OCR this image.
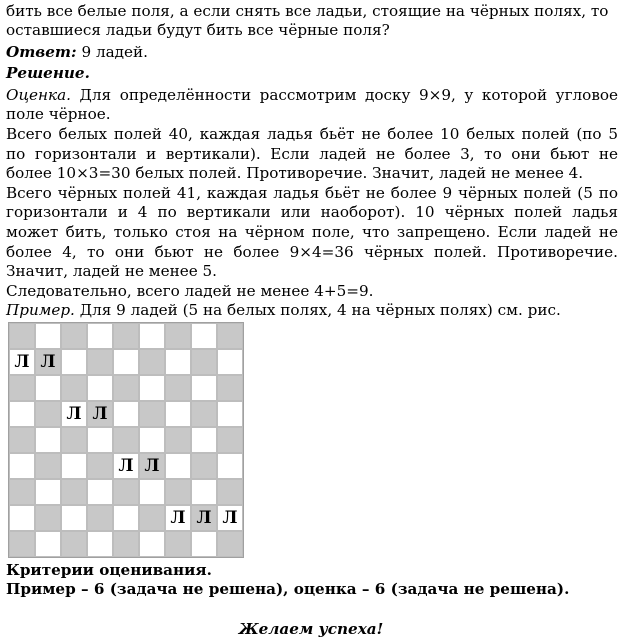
бить все белые поля, а если снять все ладьи, стоящие на чёрных полях, то
оставшиеся ладьи будут бить все чёрные поля?
Ответ: 9 ладей.
Решение.
Оценка. Для определённости рассмотрим доску 9×9, у которой угловое
поле чёрное.
Всего белых полей 40, каждая ладья бьёт не более 10 белых полей (по 5
по горизонтали и вертикали). Если ладей не более 3, то они бьют не
более 10×3=30 белых полей. Противоречие. Значит, ладей не менее 4.
Всего чёрных полей 41, каждая ладья бьёт не более 9 чёрных полей (5 по
горизонтали и 4 по вертикали или наоборот). 10 чёрных полей ладья
может бить, только стоя на чёрном поле, что запрещено. Если ладей не
более 4, то они бьют не более 9×4=36 чёрных полей. Противоречие.
Значит, ладей не менее 5.
Следовательно, всего ладей не менее 4+5=9.
Пример. Для 9 ладей (5 на белых полях, 4 на чёрных полях) см. рис.
Л Л
Л Л
Л Л
Л Л Л
Критерии оценивания.
Пример – 6 (задача не решена), оценка – 6 (задача не решена).
Желаем успеха!
